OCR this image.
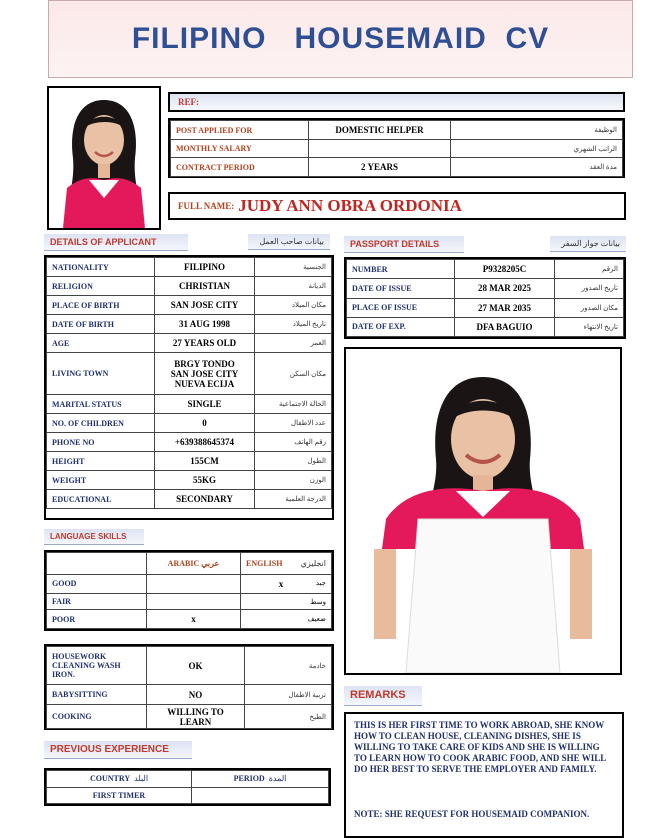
FILIPINO   HOUSEMAID  CV
REF:
POST APPLIED FOR	DOMESTIC HELPER	الوظيفة
MONTHLY SALARY		الراتب الشهري
CONTRACT PERIOD	2 YEARS	مدة العقد
FULL NAME: JUDY ANN OBRA ORDONIA
DETAILS OF APPLICANT	بيانات صاحب العمل
NATIONALITY	FILIPINO	الجنسية
RELIGION	CHRISTIAN	الديانة
PLACE OF BIRTH	SAN JOSE CITY	مكان الميلاد
DATE OF BIRTH	31 AUG 1998	تاريخ الميلاد
AGE	27 YEARS OLD	العمر
LIVING TOWN	BRGY TONDO
SAN JOSE CITY
NUEVA ECIJA	مكان السكن
MARITAL STATUS	SINGLE	الحالة الاجتماعية
NO. OF CHILDREN	0	عدد الاطفال
PHONE NO	+639388645374	رقم الهاتف
HEIGHT	155CM	الطول
WEIGHT	55KG	الوزن
EDUCATIONAL	SECONDARY	الدرجة العلمية
PASSPORT DETAILS	بيانات جواز السفر
NUMBER	P9328205C	الرقم
DATE OF ISSUE	28 MAR 2025	تاريخ الصدور
PLACE OF ISSUE	27 MAR 2035	مكان الصدور
DATE OF EXP.	DFA BAGUIO	تاريخ الانتهاء
LANGUAGE SKILLS
	ARABIC عربي	ENGLISH انجليزي

GOOD		x جيد

FAIR		وسط

POOR	x	ضعيف
HOUSEWORK
CLEANING WASH
IRON.	OK	خادمة
BABYSITTING	NO	تربية الاطفال
COOKING	WILLING TO
LEARN	الطبخ
REMARKS
THIS IS HER FIRST TIME TO WORK ABROAD, SHE KNOW HOW TO CLEAN HOUSE, CLEANING DISHES, SHE IS WILLING TO TAKE CARE OF KIDS AND SHE IS WILLING TO LEARN HOW TO COOK ARABIC FOOD, AND SHE WILL DO HER BEST TO SERVE THE EMPLOYER AND FAMILY.
NOTE: SHE REQUEST FOR HOUSEMAID COMPANION.
PREVIOUS EXPERIENCE
COUNTRY البلد	PERIOD المدة
FIRST TIMER	
